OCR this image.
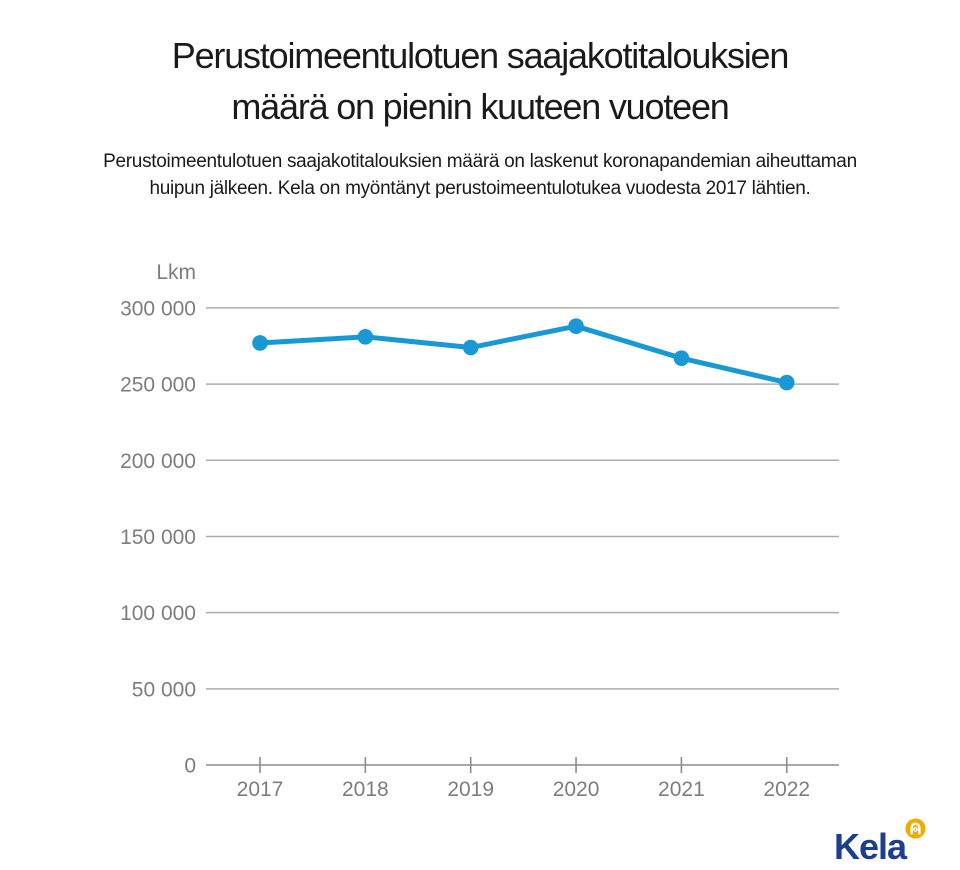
Perustoimeentulotuen saajakotitalouksien
määrä on pienin kuuteen vuoteen

Perustoimeentulotuen saajakotitalouksien määrä on laskenut koronapandemian aiheuttaman
huipun jälkeen. Kela on myöntänyt perustoimeentulotukea vuodesta 2017 lähtien.

Lkm
0
50 000
100 000
150 000
200 000
250 000
300 000
2017	2018	2019	2020	2021	2022
Kela
